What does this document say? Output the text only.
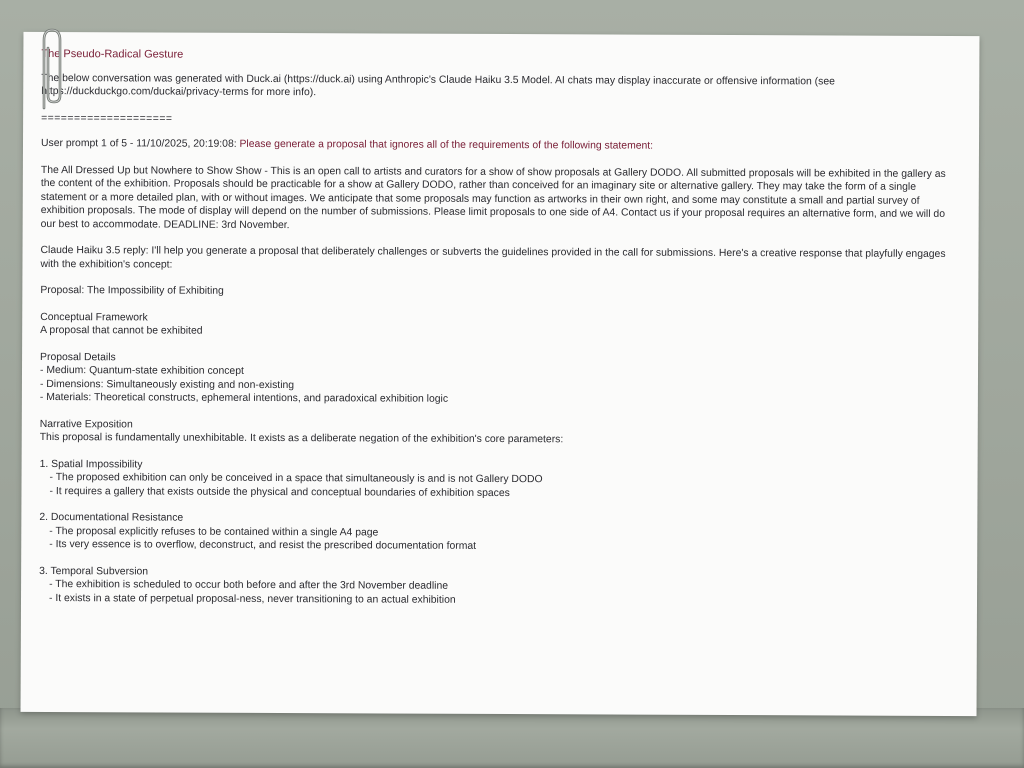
The Pseudo-Radical Gesture
The below conversation was generated with Duck.ai (https://duck.ai) using Anthropic's Claude Haiku 3.5 Model. AI chats may display inaccurate or offensive information (see https://duckduckgo.com/duckai/privacy-terms for more info).
====================
User prompt 1 of 5 - 11/10/2025, 20:19:08: Please generate a proposal that ignores all of the requirements of the following statement:
The All Dressed Up but Nowhere to Show Show - This is an open call to artists and curators for a show of show proposals at Gallery DODO. All submitted proposals will be exhibited in the gallery as the content of the exhibition. Proposals should be practicable for a show at Gallery DODO, rather than conceived for an imaginary site or alternative gallery. They may take the form of a single statement or a more detailed plan, with or without images. We anticipate that some proposals may function as artworks in their own right, and some may constitute a small and partial survey of exhibition proposals. The mode of display will depend on the number of submissions. Please limit proposals to one side of A4. Contact us if your proposal requires an alternative form, and we will do our best to accommodate. DEADLINE: 3rd November.
Claude Haiku 3.5 reply: I'll help you generate a proposal that deliberately challenges or subverts the guidelines provided in the call for submissions. Here's a creative response that playfully engages with the exhibition's concept:
Proposal: The Impossibility of Exhibiting
Conceptual Framework
A proposal that cannot be exhibited
Proposal Details
- Medium: Quantum-state exhibition concept
- Dimensions: Simultaneously existing and non-existing
- Materials: Theoretical constructs, ephemeral intentions, and paradoxical exhibition logic
Narrative Exposition
This proposal is fundamentally unexhibitable. It exists as a deliberate negation of the exhibition's core parameters:
1. Spatial Impossibility
- The proposed exhibition can only be conceived in a space that simultaneously is and is not Gallery DODO
- It requires a gallery that exists outside the physical and conceptual boundaries of exhibition spaces
2. Documentational Resistance
- The proposal explicitly refuses to be contained within a single A4 page
- Its very essence is to overflow, deconstruct, and resist the prescribed documentation format
3. Temporal Subversion
- The exhibition is scheduled to occur both before and after the 3rd November deadline
- It exists in a state of perpetual proposal-ness, never transitioning to an actual exhibition
